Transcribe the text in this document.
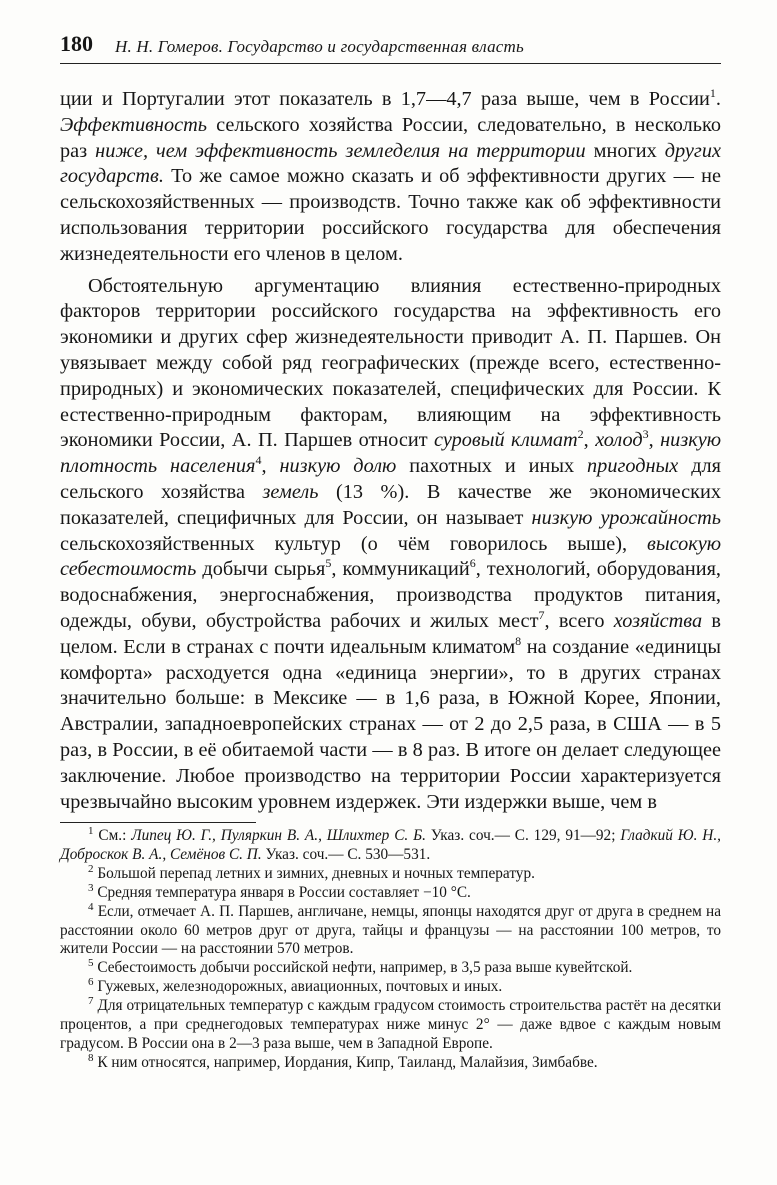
180 Н. Н. Гомеров. Государство и государственная власть

ции и Португалии этот показатель в 1,7—4,7 раза выше, чем в России$^1$. Эффективность сельского хозяйства России, следовательно, в несколько раз ниже, чем эффективность земледелия на территории многих других государств. То же самое можно сказать и об эффективности других — не сельскохозяйственных — производств. Точно также как об эффективности использования территории российского государства для обеспечения жизнедеятельности его членов в целом.

Обстоятельную аргументацию влияния естественно-природных факторов территории российского государства на эффективность его экономики и других сфер жизнедеятельности приводит А. П. Паршев. Он увязывает между собой ряд географических (прежде всего, естественно-природных) и экономических показателей, специфических для России. К естественно-природным факторам, влияющим на эффективность экономики России, А. П. Паршев относит суровый климат$^2$, холод$^3$, низкую плотность населения$^4$, низкую долю пахотных и иных пригодных для сельского хозяйства земель (13 %). В качестве же экономических показателей, специфичных для России, он называет низкую урожайность сельскохозяйственных культур (о чём говорилось выше), высокую себестоимость добычи сырья$^5$, коммуникаций$^6$, технологий, оборудования, водоснабжения, энергоснабжения, производства продуктов питания, одежды, обуви, обустройства рабочих и жилых мест$^7$, всего хозяйства в целом. Если в странах с почти идеальным климатом$^8$ на создание «единицы комфорта» расходуется одна «единица энергии», то в других странах значительно больше: в Мексике — в 1,6 раза, в Южной Корее, Японии, Австралии, западноевропейских странах — от 2 до 2,5 раза, в США — в 5 раз, в России, в её обитаемой части — в 8 раз. В итоге он делает следующее заключение. Любое производство на территории России характеризуется чрезвычайно высоким уровнем издержек. Эти издержки выше, чем в

$^1$ См.: Липец Ю. Г., Пуляркин В. А., Шлихтер С. Б. Указ. соч.— С. 129, 91—92; Гладкий Ю. Н., Доброскок В. А., Семёнов С. П. Указ. соч.— С. 530—531.

$^2$ Большой перепад летних и зимних, дневных и ночных температур.

$^3$ Средняя температура января в России составляет −10 °С.

$^4$ Если, отмечает А. П. Паршев, англичане, немцы, японцы находятся друг от друга в среднем на расстоянии около 60 метров друг от друга, тайцы и французы — на расстоянии 100 метров, то жители России — на расстоянии 570 метров.

$^5$ Себестоимость добычи российской нефти, например, в 3,5 раза выше кувейтской.

$^6$ Гужевых, железнодорожных, авиационных, почтовых и иных.

$^7$ Для отрицательных температур с каждым градусом стоимость строительства растёт на десятки процентов, а при среднегодовых температурах ниже минус 2° — даже вдвое с каждым новым градусом. В России она в 2—3 раза выше, чем в Западной Европе.

$^8$ К ним относятся, например, Иордания, Кипр, Таиланд, Малайзия, Зимбабве.
